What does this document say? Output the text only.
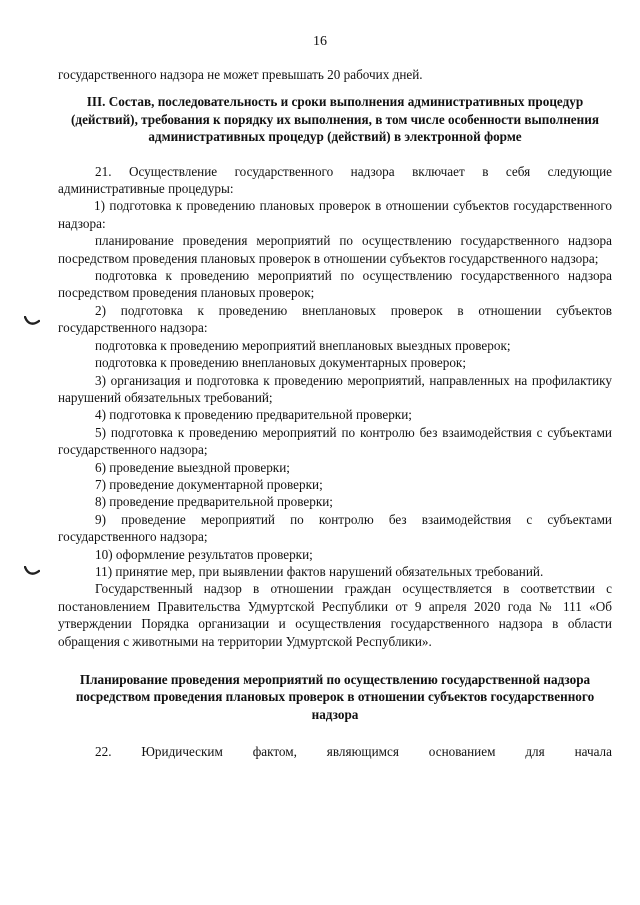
16

государственного надзора не может превышать 20 рабочих дней.

III. Состав, последовательность и сроки выполнения административных процедур (действий), требования к порядку их выполнения, в том числе особенности выполнения административных процедур (действий) в электронной форме

21. Осуществление государственного надзора включает в себя следующие административные процедуры:

1) подготовка к проведению плановых проверок в отношении субъектов государственного надзора:

планирование проведения мероприятий по осуществлению государственного надзора посредством проведения плановых проверок в отношении субъектов государственного надзора;

подготовка к проведению мероприятий по осуществлению государственного надзора посредством проведения плановых проверок;

2) подготовка к проведению внеплановых проверок в отношении субъектов государственного надзора:

подготовка к проведению мероприятий внеплановых выездных проверок;

подготовка к проведению внеплановых документарных проверок;

3) организация и подготовка к проведению мероприятий, направленных на профилактику нарушений обязательных требований;

4) подготовка к проведению предварительной проверки;

5) подготовка к проведению мероприятий по контролю без взаимодействия с субъектами государственного надзора;

6) проведение выездной проверки;

7) проведение документарной проверки;

8) проведение предварительной проверки;

9) проведение мероприятий по контролю без взаимодействия с субъектами государственного надзора;

10) оформление результатов проверки;

11) принятие мер, при выявлении фактов нарушений обязательных требований.

Государственный надзор в отношении граждан осуществляется в соответствии с постановлением Правительства Удмуртской Республики от 9 апреля 2020 года № 111 «Об утверждении Порядка организации и осуществления государственного надзора в области обращения с животными на территории Удмуртской Республики».

Планирование проведения мероприятий по осуществлению государственной надзора посредством проведения плановых проверок в отношении субъектов государственного надзора

22. Юридическим фактом, являющимся основанием для начала
